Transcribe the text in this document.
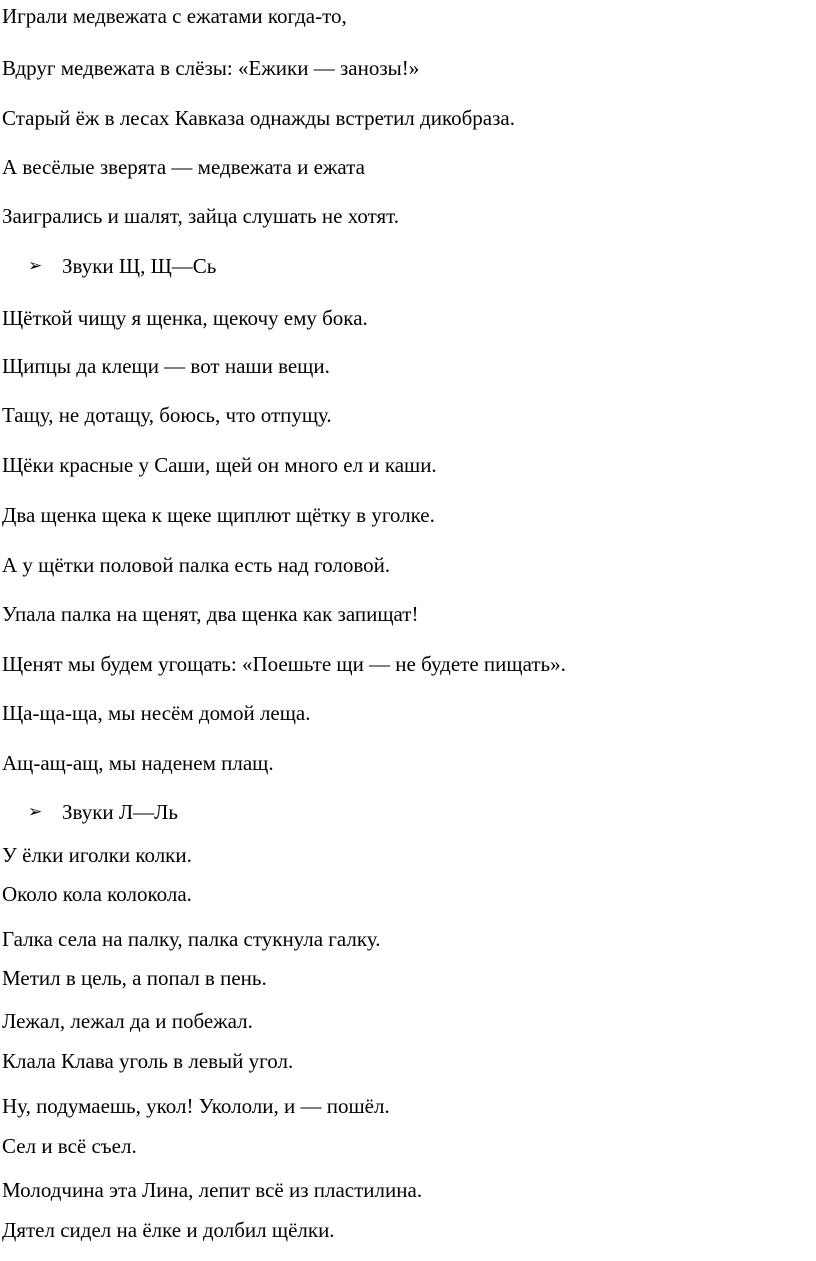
Играли медвежата с ежатами когда-то,
Вдруг медвежата в слёзы: «Ежики — занозы!»
Старый ёж в лесах Кавказа однажды встретил дикобраза.
А весёлые зверята — медвежата и ежата
Заигрались и шалят, зайца слушать не хотят.
➢ Звуки Щ, Щ—Сь
Щёткой чищу я щенка, щекочу ему бока.
Щипцы да клещи — вот наши вещи.
Тащу, не дотащу, боюсь, что отпущу.
Щёки красные у Саши, щей он много ел и каши.
Два щенка щека к щеке щиплют щётку в уголке.
А у щётки половой палка есть над головой.
Упала палка на щенят, два щенка как запищат!
Щенят мы будем угощать: «Поешьте щи — не будете пищать».
Ща-ща-ща, мы несём домой леща.
Ащ-ащ-ащ, мы наденем плащ.
➢ Звуки Л—Ль
У ёлки иголки колки.
Около кола колокола.
Галка села на палку, палка стукнула галку.
Метил в цель, а попал в пень.
Лежал, лежал да и побежал.
Клала Клава уголь в левый угол.
Ну, подумаешь, укол! Укололи, и — пошёл.
Сел и всё съел.
Молодчина эта Лина, лепит всё из пластилина.
Дятел сидел на ёлке и долбил щёлки.
